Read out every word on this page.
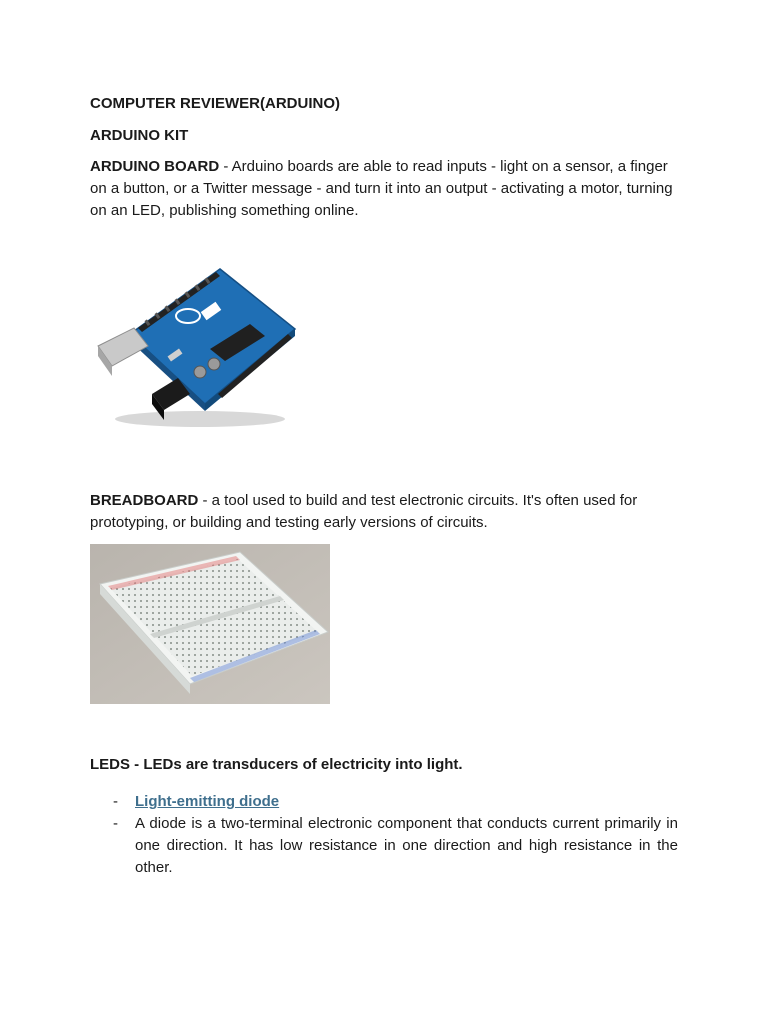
COMPUTER REVIEWER(ARDUINO)

ARDUINO KIT

ARDUINO BOARD - Arduino boards are able to read inputs - light on a sensor, a finger on a button, or a Twitter message - and turn it into an output - activating a motor, turning on an LED, publishing something online.

BREADBOARD - a tool used to build and test electronic circuits. It's often used for prototyping, or building and testing early versions of circuits.

LEDS - LEDs are transducers of electricity into light.

- Light-emitting diode
- A diode is a two-terminal electronic component that conducts current primarily in one direction. It has low resistance in one direction and high resistance in the other.
